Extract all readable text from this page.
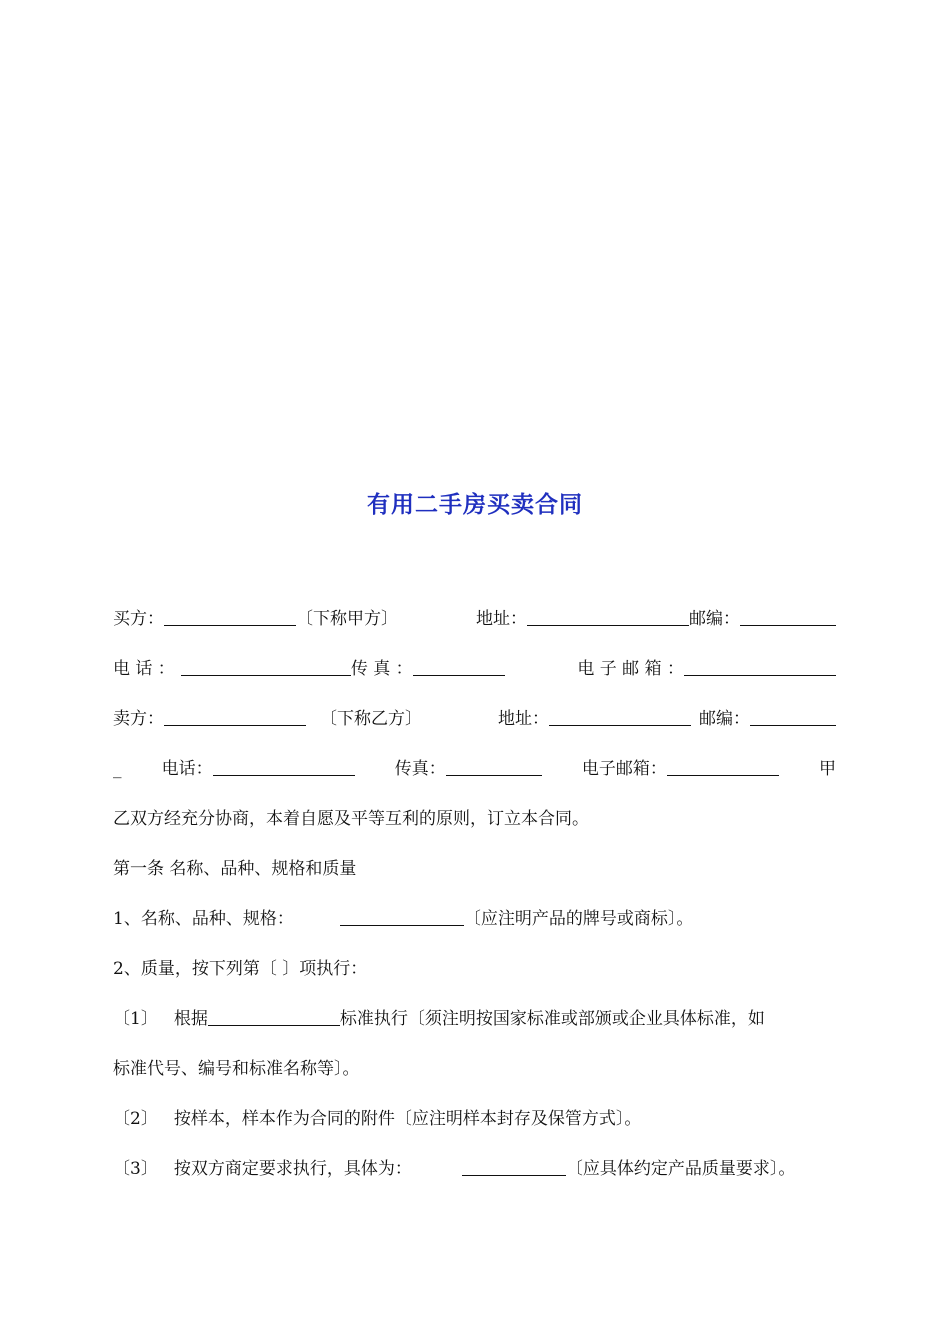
有用二手房买卖合同
买方：	〔下称甲方〕	地址：	邮编：
电 话 ：	传 真 ：	电 子 邮 箱 ：
卖方：	〔下称乙方〕	地址：	邮编：
_ 电话：	传真：	电子邮箱：	甲
乙双方经充分协商，本着自愿及平等互利的原则，订立本合同。
第一条 名称、品种、规格和质量
1、名称、品种、规格：	〔应注明产品的牌号或商标〕。
2、质量，按下列第〔 〕项执行：
〔1〕 根据	标准执行〔须注明按国家标准或部颁或企业具体标准，如
标准代号、编号和标准名称等〕。
〔2〕 按样本，样本作为合同的附件〔应注明样本封存及保管方式〕。
〔3〕 按双方商定要求执行，具体为：	〔应具体约定产品质量要求〕。
